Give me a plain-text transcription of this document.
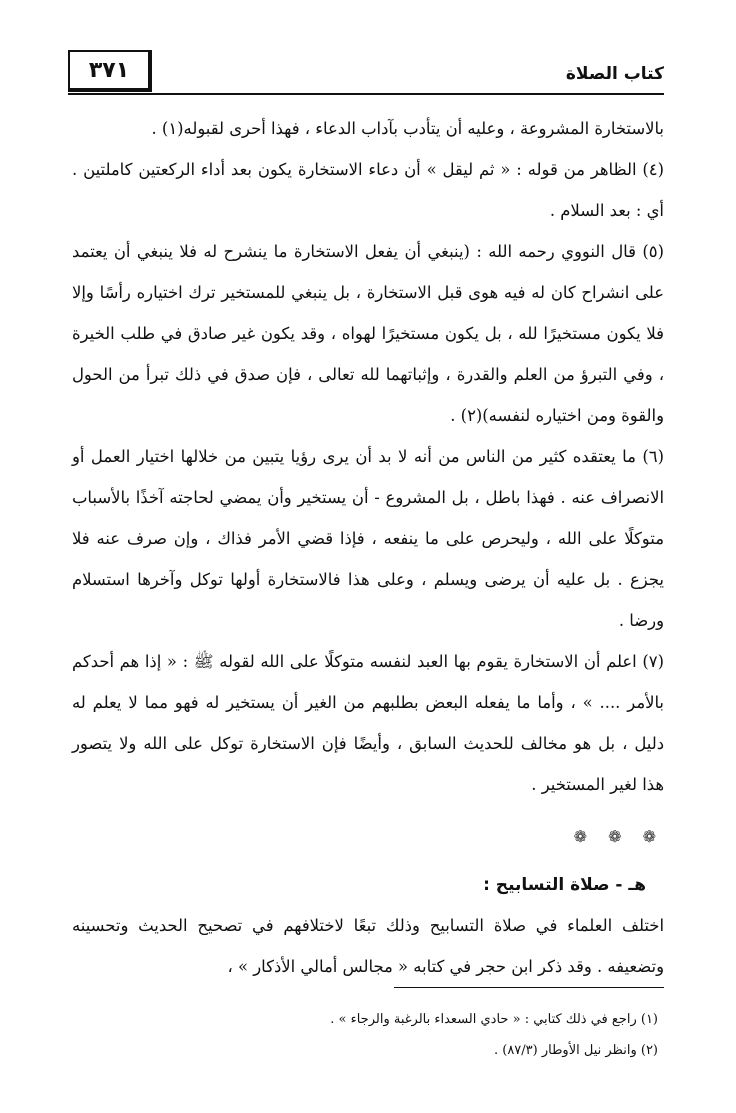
٣٧١	كتاب الصلاة

بالاستخارة المشروعة ، وعليه أن يتأدب بآداب الدعاء ، فهذا أحرى لقبوله(١) .

(٤) الظاهر من قوله : « ثم ليقل » أن دعاء الاستخارة يكون بعد أداء الركعتين كاملتين . أي : بعد السلام .

(٥) قال النووي رحمه الله : (ينبغي أن يفعل الاستخارة ما ينشرح له فلا ينبغي أن يعتمد على انشراح كان له فيه هوى قبل الاستخارة ، بل ينبغي للمستخير ترك اختياره رأسًا وإلا فلا يكون مستخيرًا لله ، بل يكون مستخيرًا لهواه ، وقد يكون غير صادق في طلب الخيرة ، وفي التبرؤ من العلم والقدرة ، وإثباتهما لله تعالى ، فإن صدق في ذلك تبرأ من الحول والقوة ومن اختياره لنفسه)(٢) .

(٦) ما يعتقده كثير من الناس من أنه لا بد أن يرى رؤيا يتبين من خلالها اختيار العمل أو الانصراف عنه . فهذا باطل ، بل المشروع - أن يستخير وأن يمضي لحاجته آخذًا بالأسباب متوكلًا على الله ، وليحرص على ما ينفعه ، فإذا قضي الأمر فذاك ، وإن صرف عنه فلا يجزع . بل عليه أن يرضى ويسلم ، وعلى هذا فالاستخارة أولها توكل وآخرها استسلام ورضا .

(٧) اعلم أن الاستخارة يقوم بها العبد لنفسه متوكلًا على الله لقوله ﷺ : « إذا هم أحدكم بالأمر .... » ، وأما ما يفعله البعض بطلبهم من الغير أن يستخير له فهو مما لا يعلم له دليل ، بل هو مخالف للحديث السابق ، وأيضًا فإن الاستخارة توكل على الله ولا يتصور هذا لغير المستخير .

❁ ❁ ❁
هـ - صلاة التسابيح :

اختلف العلماء في صلاة التسابيح وذلك تبعًا لاختلافهم في تصحيح الحديث وتحسينه وتضعيفه . وقد ذكر ابن حجر في كتابه « مجالس أمالي الأذكار » ،

(١) راجع في ذلك كتابي : « حادي السعداء بالرغبة والرجاء » .
(٢) وانظر نيل الأوطار (٨٧/٣) .
